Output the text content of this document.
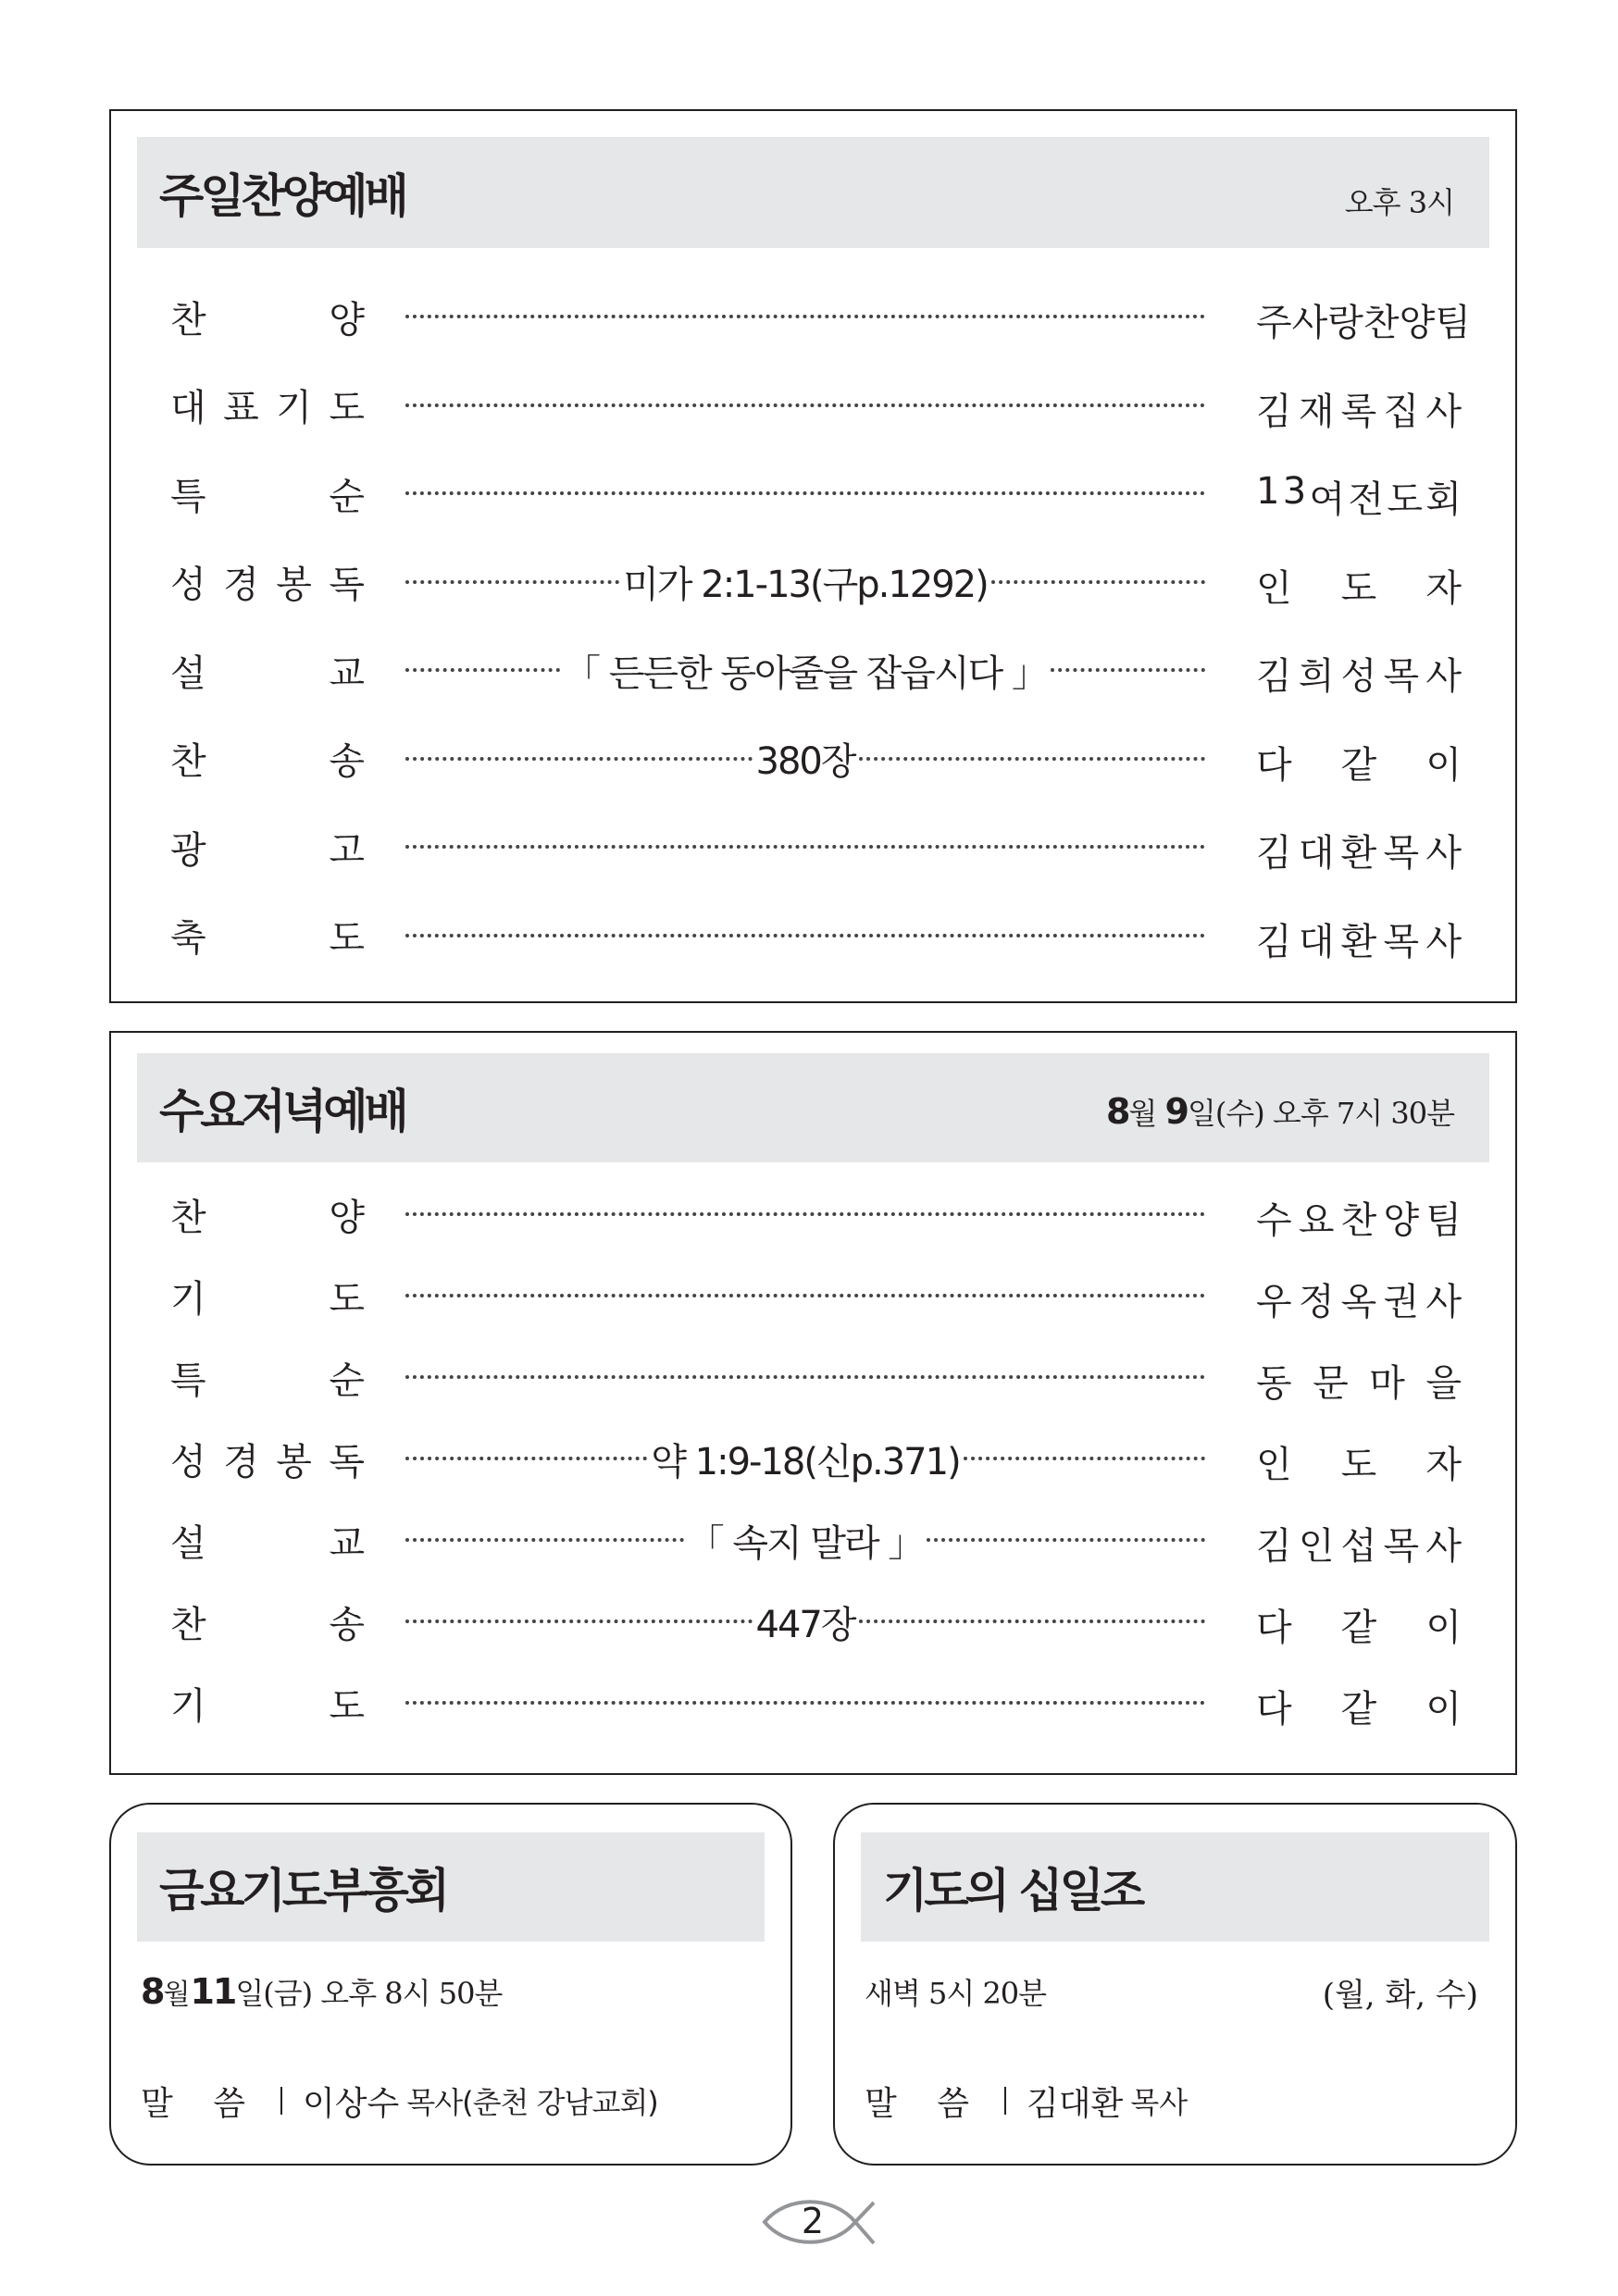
주일찬양예배	오후 3시
찬	양	주 사 랑 찬 양 팀
대 표 기 도	김 재 록 집 사
특	순	1 3 여 전 도 회
성 경 봉 독	미가 2:1-13(구p.1292)	인 도 자
설	교	「 든든한 동아줄을 잡읍시다 」	김 희 성 목 사
찬	송	380장	다 같 이
광	고	김 대 환 목 사
축	도	김 대 환 목 사
수요저녁예배	8월 9일(수) 오후 7시 30분
찬	양	수 요 찬 양 팀
기	도	우 정 옥 권 사
특	순	동 문 마 을
성 경 봉 독	약 1:9-18(신p.371)	인 도 자
설	교	「 속지 말라 」	김 인 섭 목 사
찬	송	447장	다 같 이
기	도	다 같 이
금요기도부흥회
8 월 11 일(금) 오후 8시 50분
말 씀 이상수 목사(춘천 강남교회)
기도의 십일조
새벽 5시 20분	(월, 화, 수)
말 씀 김대환 목사
2
